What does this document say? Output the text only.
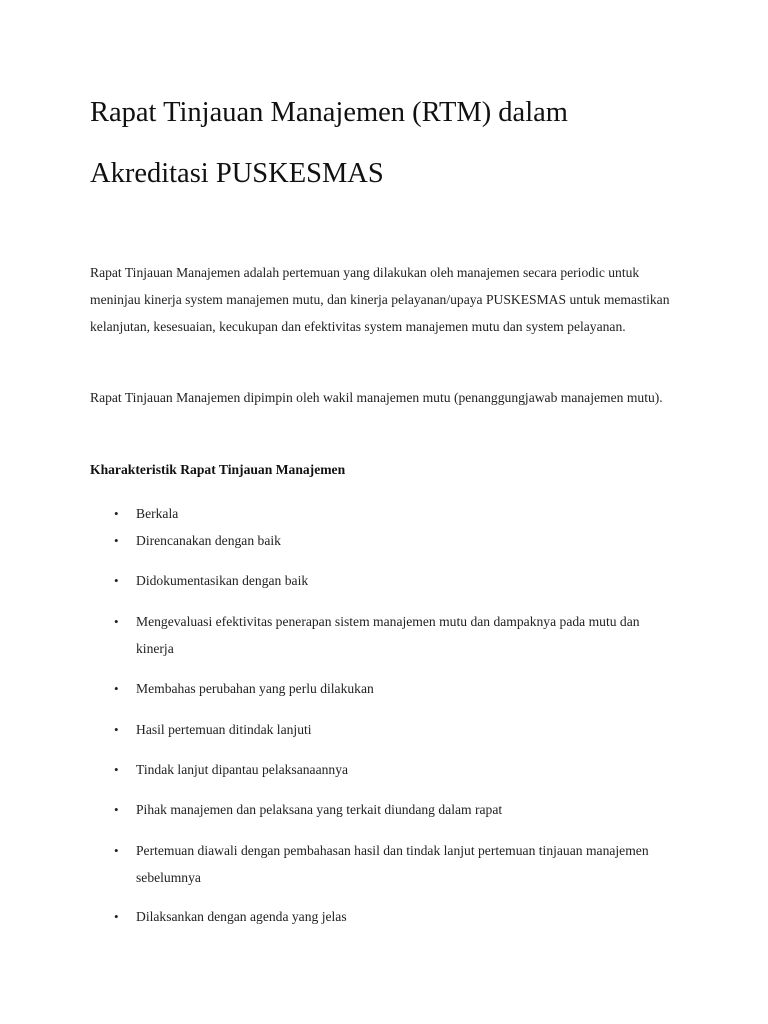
Rapat Tinjauan Manajemen (RTM) dalam Akreditasi PUSKESMAS

Rapat Tinjauan Manajemen adalah pertemuan yang dilakukan oleh manajemen secara periodic untuk meninjau kinerja system manajemen mutu, dan kinerja pelayanan/upaya PUSKESMAS untuk memastikan kelanjutan, kesesuaian, kecukupan dan efektivitas system manajemen mutu dan system pelayanan.

Rapat Tinjauan Manajemen dipimpin oleh wakil manajemen mutu (penanggungjawab manajemen mutu).

Kharakteristik Rapat Tinjauan Manajemen

•	Berkala
•	Direncanakan dengan baik
•	Didokumentasikan dengan baik
•	Mengevaluasi efektivitas penerapan sistem manajemen mutu dan dampaknya pada mutu dan kinerja
•	Membahas perubahan yang perlu dilakukan
•	Hasil pertemuan ditindak lanjuti
•	Tindak lanjut dipantau pelaksanaannya
•	Pihak manajemen dan pelaksana yang terkait diundang dalam rapat
•	Pertemuan diawali dengan pembahasan hasil dan tindak lanjut pertemuan tinjauan manajemen sebelumnya
•	Dilaksankan dengan agenda yang jelas
